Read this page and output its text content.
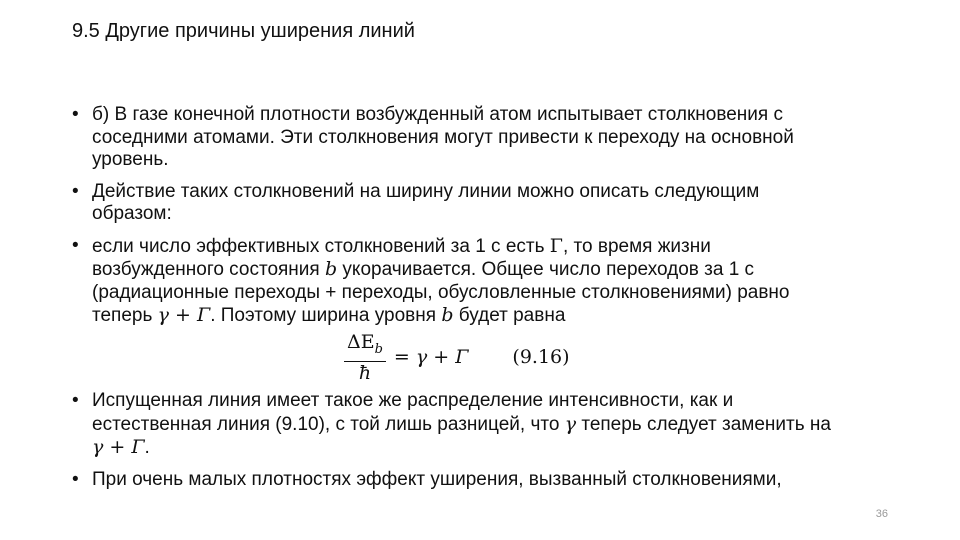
9.5 Другие причины уширения линий
• б) В газе конечной плотности возбужденный атом испытывает столкновения с соседними атомами. Эти столкновения могут привести к переходу на основной уровень.
• Действие таких столкновений на ширину линии можно описать следующим образом:
• если число эффективных столкновений за 1 с есть Γ, то время жизни возбужденного состояния b укорачивается. Общее число переходов за 1 с (радиационные переходы + переходы, обусловленные столкновениями) равно теперь γ + Γ. Поэтому ширина уровня b будет равна
$\frac{\Delta E_b}{ħ} = \gamma + \Gamma$ (9.16)
• Испущенная линия имеет такое же распределение интенсивности, как и естественная линия (9.10), с той лишь разницей, что γ теперь следует заменить на γ + Γ.
• При очень малых плотностях эффект уширения, вызванный столкновениями,
36
